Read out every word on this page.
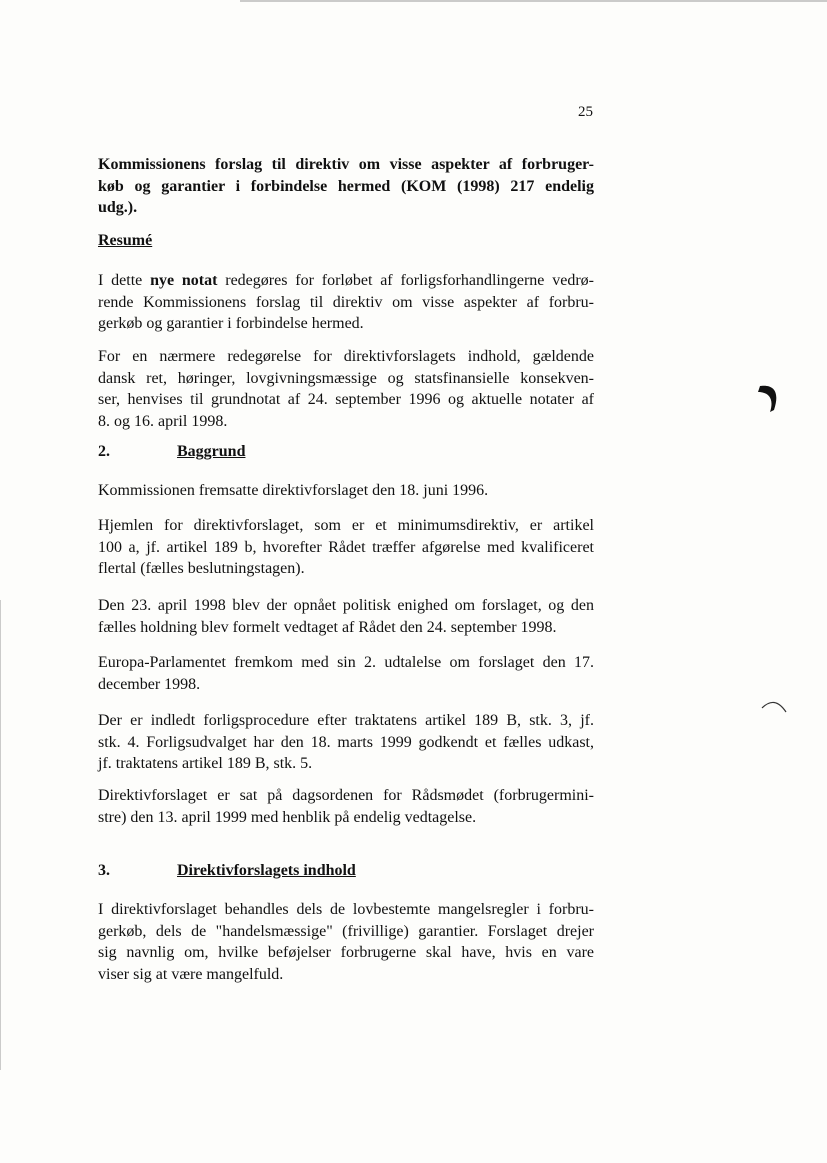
25
Kommissionens forslag til direktiv om visse aspekter af forbruger-
køb og garantier i forbindelse hermed (KOM (1998) 217 endelig
udg.).
Resumé
I dette nye notat redegøres for forløbet af forligsforhandlingerne vedrø-
rende Kommissionens forslag til direktiv om visse aspekter af forbru-
gerkøb og garantier i forbindelse hermed.
For en nærmere redegørelse for direktivforslagets indhold, gældende
dansk ret, høringer, lovgivningsmæssige og statsfinansielle konsekven-
ser, henvises til grundnotat af 24. september 1996 og aktuelle notater af
8. og 16. april 1998.
2.	Baggrund
Kommissionen fremsatte direktivforslaget den 18. juni 1996.
Hjemlen for direktivforslaget, som er et minimumsdirektiv, er artikel
100 a, jf. artikel 189 b, hvorefter Rådet træffer afgørelse med kvalificeret
flertal (fælles beslutningstagen).
Den 23. april 1998 blev der opnået politisk enighed om forslaget, og den
fælles holdning blev formelt vedtaget af Rådet den 24. september 1998.
Europa-Parlamentet fremkom med sin 2. udtalelse om forslaget den 17.
december 1998.
Der er indledt forligsprocedure efter traktatens artikel 189 B, stk. 3, jf.
stk. 4. Forligsudvalget har den 18. marts 1999 godkendt et fælles udkast,
jf. traktatens artikel 189 B, stk. 5.
Direktivforslaget er sat på dagsordenen for Rådsmødet (forbrugermini-
stre) den 13. april 1999 med henblik på endelig vedtagelse.
3.	Direktivforslagets indhold
I direktivforslaget behandles dels de lovbestemte mangelsregler i forbru-
gerkøb, dels de "handelsmæssige" (frivillige) garantier. Forslaget drejer
sig navnlig om, hvilke beføjelser forbrugerne skal have, hvis en vare
viser sig at være mangelfuld.
